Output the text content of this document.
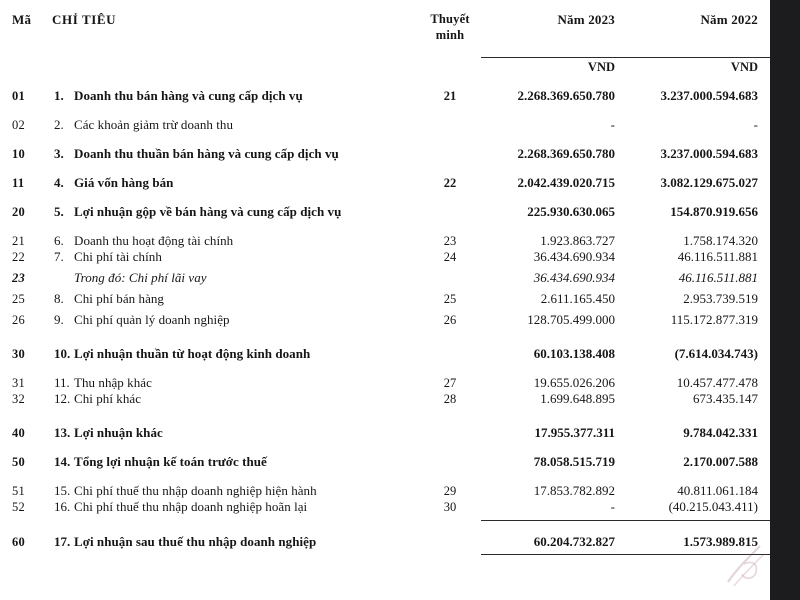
Mã	CHỈ TIÊU		Thuyết
minh	Năm 2023	Năm 2022

				VND	VND

01	1.	Doanh thu bán hàng và cung cấp dịch vụ	21	2.268.369.650.780	3.237.000.594.683
02	2.	Các khoản giảm trừ doanh thu		-	-
10	3.	Doanh thu thuần bán hàng và cung cấp dịch vụ		2.268.369.650.780	3.237.000.594.683
11	4.	Giá vốn hàng bán	22	2.042.439.020.715	3.082.129.675.027
20	5.	Lợi nhuận gộp về bán hàng và cung cấp dịch vụ		225.930.630.065	154.870.919.656
21	6.	Doanh thu hoạt động tài chính	23	1.923.863.727	1.758.174.320
22	7.	Chi phí tài chính	24	36.434.690.934	46.116.511.881
23		Trong đó: Chi phí lãi vay		36.434.690.934	46.116.511.881
25	8.	Chi phí bán hàng	25	2.611.165.450	2.953.739.519
26	9.	Chi phí quản lý doanh nghiệp	26	128.705.499.000	115.172.877.319
30	10.	Lợi nhuận thuần từ hoạt động kinh doanh		60.103.138.408	(7.614.034.743)
31	11.	Thu nhập khác	27	19.655.026.206	10.457.477.478
32	12.	Chi phí khác	28	1.699.648.895	673.435.147
40	13.	Lợi nhuận khác		17.955.377.311	9.784.042.331
50	14.	Tổng lợi nhuận kế toán trước thuế		78.058.515.719	2.170.007.588
51	15.	Chi phí thuế thu nhập doanh nghiệp hiện hành	29	17.853.782.892	40.811.061.184
52	16.	Chi phí thuế thu nhập doanh nghiệp hoãn lại	30	-	(40.215.043.411)
60	17.	Lợi nhuận sau thuế thu nhập doanh nghiệp		60.204.732.827	1.573.989.815
